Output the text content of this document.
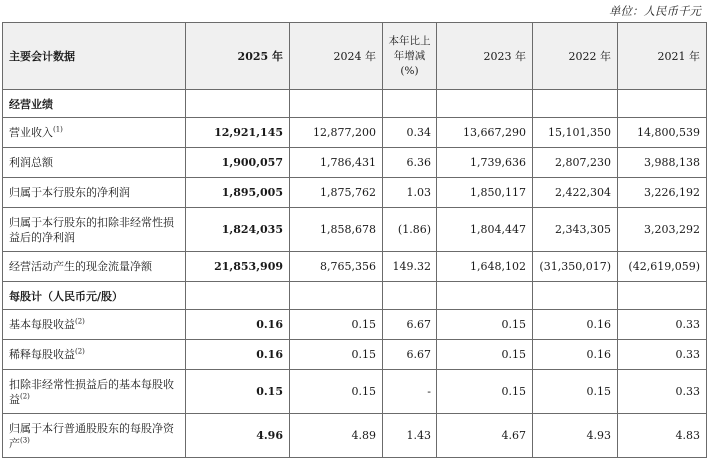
单位：人民币千元
主要会计数据	2025 年	2024 年	本年比上年增减(%)	2023 年	2022 年	2021 年
经营业绩						
营业收入$^{(1)}$	12,921,145	12,877,200	0.34	13,667,290	15,101,350	14,800,539
利润总额	1,900,057	1,786,431	6.36	1,739,636	2,807,230	3,988,138
归属于本行股东的净利润	1,895,005	1,875,762	1.03	1,850,117	2,422,304	3,226,192
归属于本行股东的扣除非经常性损益后的净利润	1,824,035	1,858,678	(1.86)	1,804,447	2,343,305	3,203,292
经营活动产生的现金流量净额	21,853,909	8,765,356	149.32	1,648,102	(31,350,017)	(42,619,059)
每股计（人民币元/股）						
基本每股收益$^{(2)}$	0.16	0.15	6.67	0.15	0.16	0.33
稀释每股收益$^{(2)}$	0.16	0.15	6.67	0.15	0.16	0.33
扣除非经常性损益后的基本每股收益$^{(2)}$	0.15	0.15	-	0.15	0.15	0.33
归属于本行普通股股东的每股净资产$^{(3)}$	4.96	4.89	1.43	4.67	4.93	4.83
